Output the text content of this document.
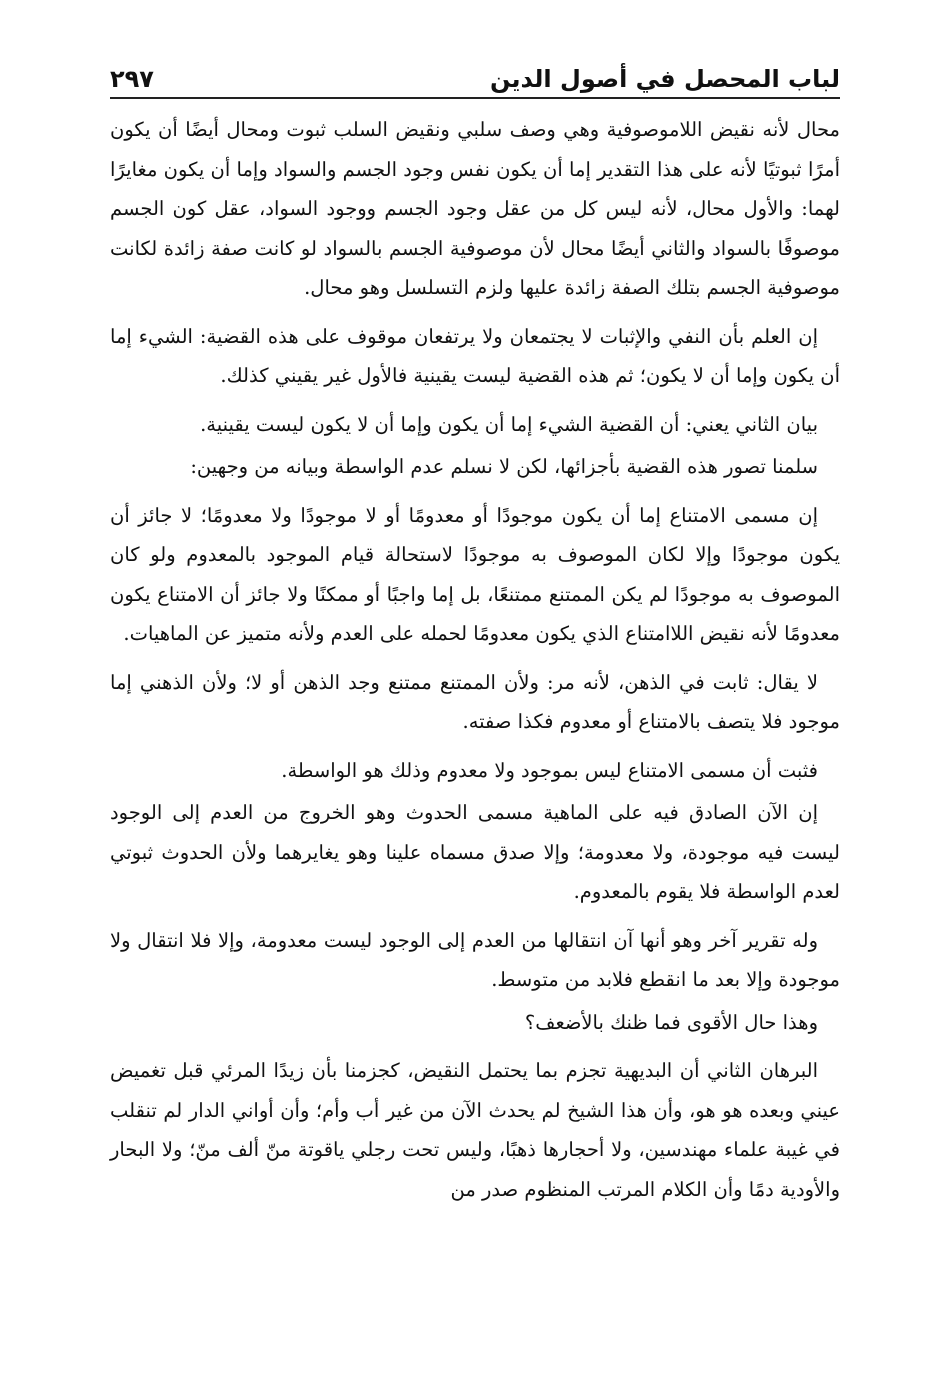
٢٩٧	لباب المحصل في أصول الدين

محال لأنه نقيض اللاموصوفية وهي وصف سلبي ونقيض السلب ثبوت ومحال أيضًا أن يكون أمرًا ثبوتيًا لأنه على هذا التقدير إما أن يكون نفس وجود الجسم والسواد وإما أن يكون مغايرًا لهما: والأول محال، لأنه ليس كل من عقل وجود الجسم ووجود السواد، عقل كون الجسم موصوفًا بالسواد والثاني أيضًا محال لأن موصوفية الجسم بالسواد لو كانت صفة زائدة لكانت موصوفية الجسم بتلك الصفة زائدة عليها ولزم التسلسل وهو محال.

إن العلم بأن النفي والإثبات لا يجتمعان ولا يرتفعان موقوف على هذه القضية: الشيء إما أن يكون وإما أن لا يكون؛ ثم هذه القضية ليست يقينية فالأول غير يقيني كذلك.

بيان الثاني يعني: أن القضية الشيء إما أن يكون وإما أن لا يكون ليست يقينية.

سلمنا تصور هذه القضية بأجزائها، لكن لا نسلم عدم الواسطة وبيانه من وجهين:

إن مسمى الامتناع إما أن يكون موجودًا أو معدومًا أو لا موجودًا ولا معدومًا؛ لا جائز أن يكون موجودًا وإلا لكان الموصوف به موجودًا لاستحالة قيام الموجود بالمعدوم ولو كان الموصوف به موجودًا لم يكن الممتنع ممتنعًا، بل إما واجبًا أو ممكنًا ولا جائز أن الامتناع يكون معدومًا لأنه نقيض اللاامتناع الذي يكون معدومًا لحمله على العدم ولأنه متميز عن الماهيات.

لا يقال: ثابت في الذهن، لأنه مر: ولأن الممتنع ممتنع وجد الذهن أو لا؛ ولأن الذهني إما موجود فلا يتصف بالامتناع أو معدوم فكذا صفته.

فثبت أن مسمى الامتناع ليس بموجود ولا معدوم وذلك هو الواسطة.

إن الآن الصادق فيه على الماهية مسمى الحدوث وهو الخروج من العدم إلى الوجود ليست فيه موجودة، ولا معدومة؛ وإلا صدق مسماه علينا وهو يغايرهما ولأن الحدوث ثبوتي لعدم الواسطة فلا يقوم بالمعدوم.

وله تقرير آخر وهو أنها آن انتقالها من العدم إلى الوجود ليست معدومة، وإلا فلا انتقال ولا موجودة وإلا بعد ما انقطع فلابد من متوسط.

وهذا حال الأقوى فما ظنك بالأضعف؟

البرهان الثاني أن البديهية تجزم بما يحتمل النقيض، كجزمنا بأن زيدًا المرئي قبل تغميض عيني وبعده هو هو، وأن هذا الشيخ لم يحدث الآن من غير أب وأم؛ وأن أواني الدار لم تنقلب في غيبة علماء مهندسين، ولا أحجارها ذهبًا، وليس تحت رجلي ياقوتة منّ ألف منّ؛ ولا البحار والأودية دمًا وأن الكلام المرتب المنظوم صدر من
